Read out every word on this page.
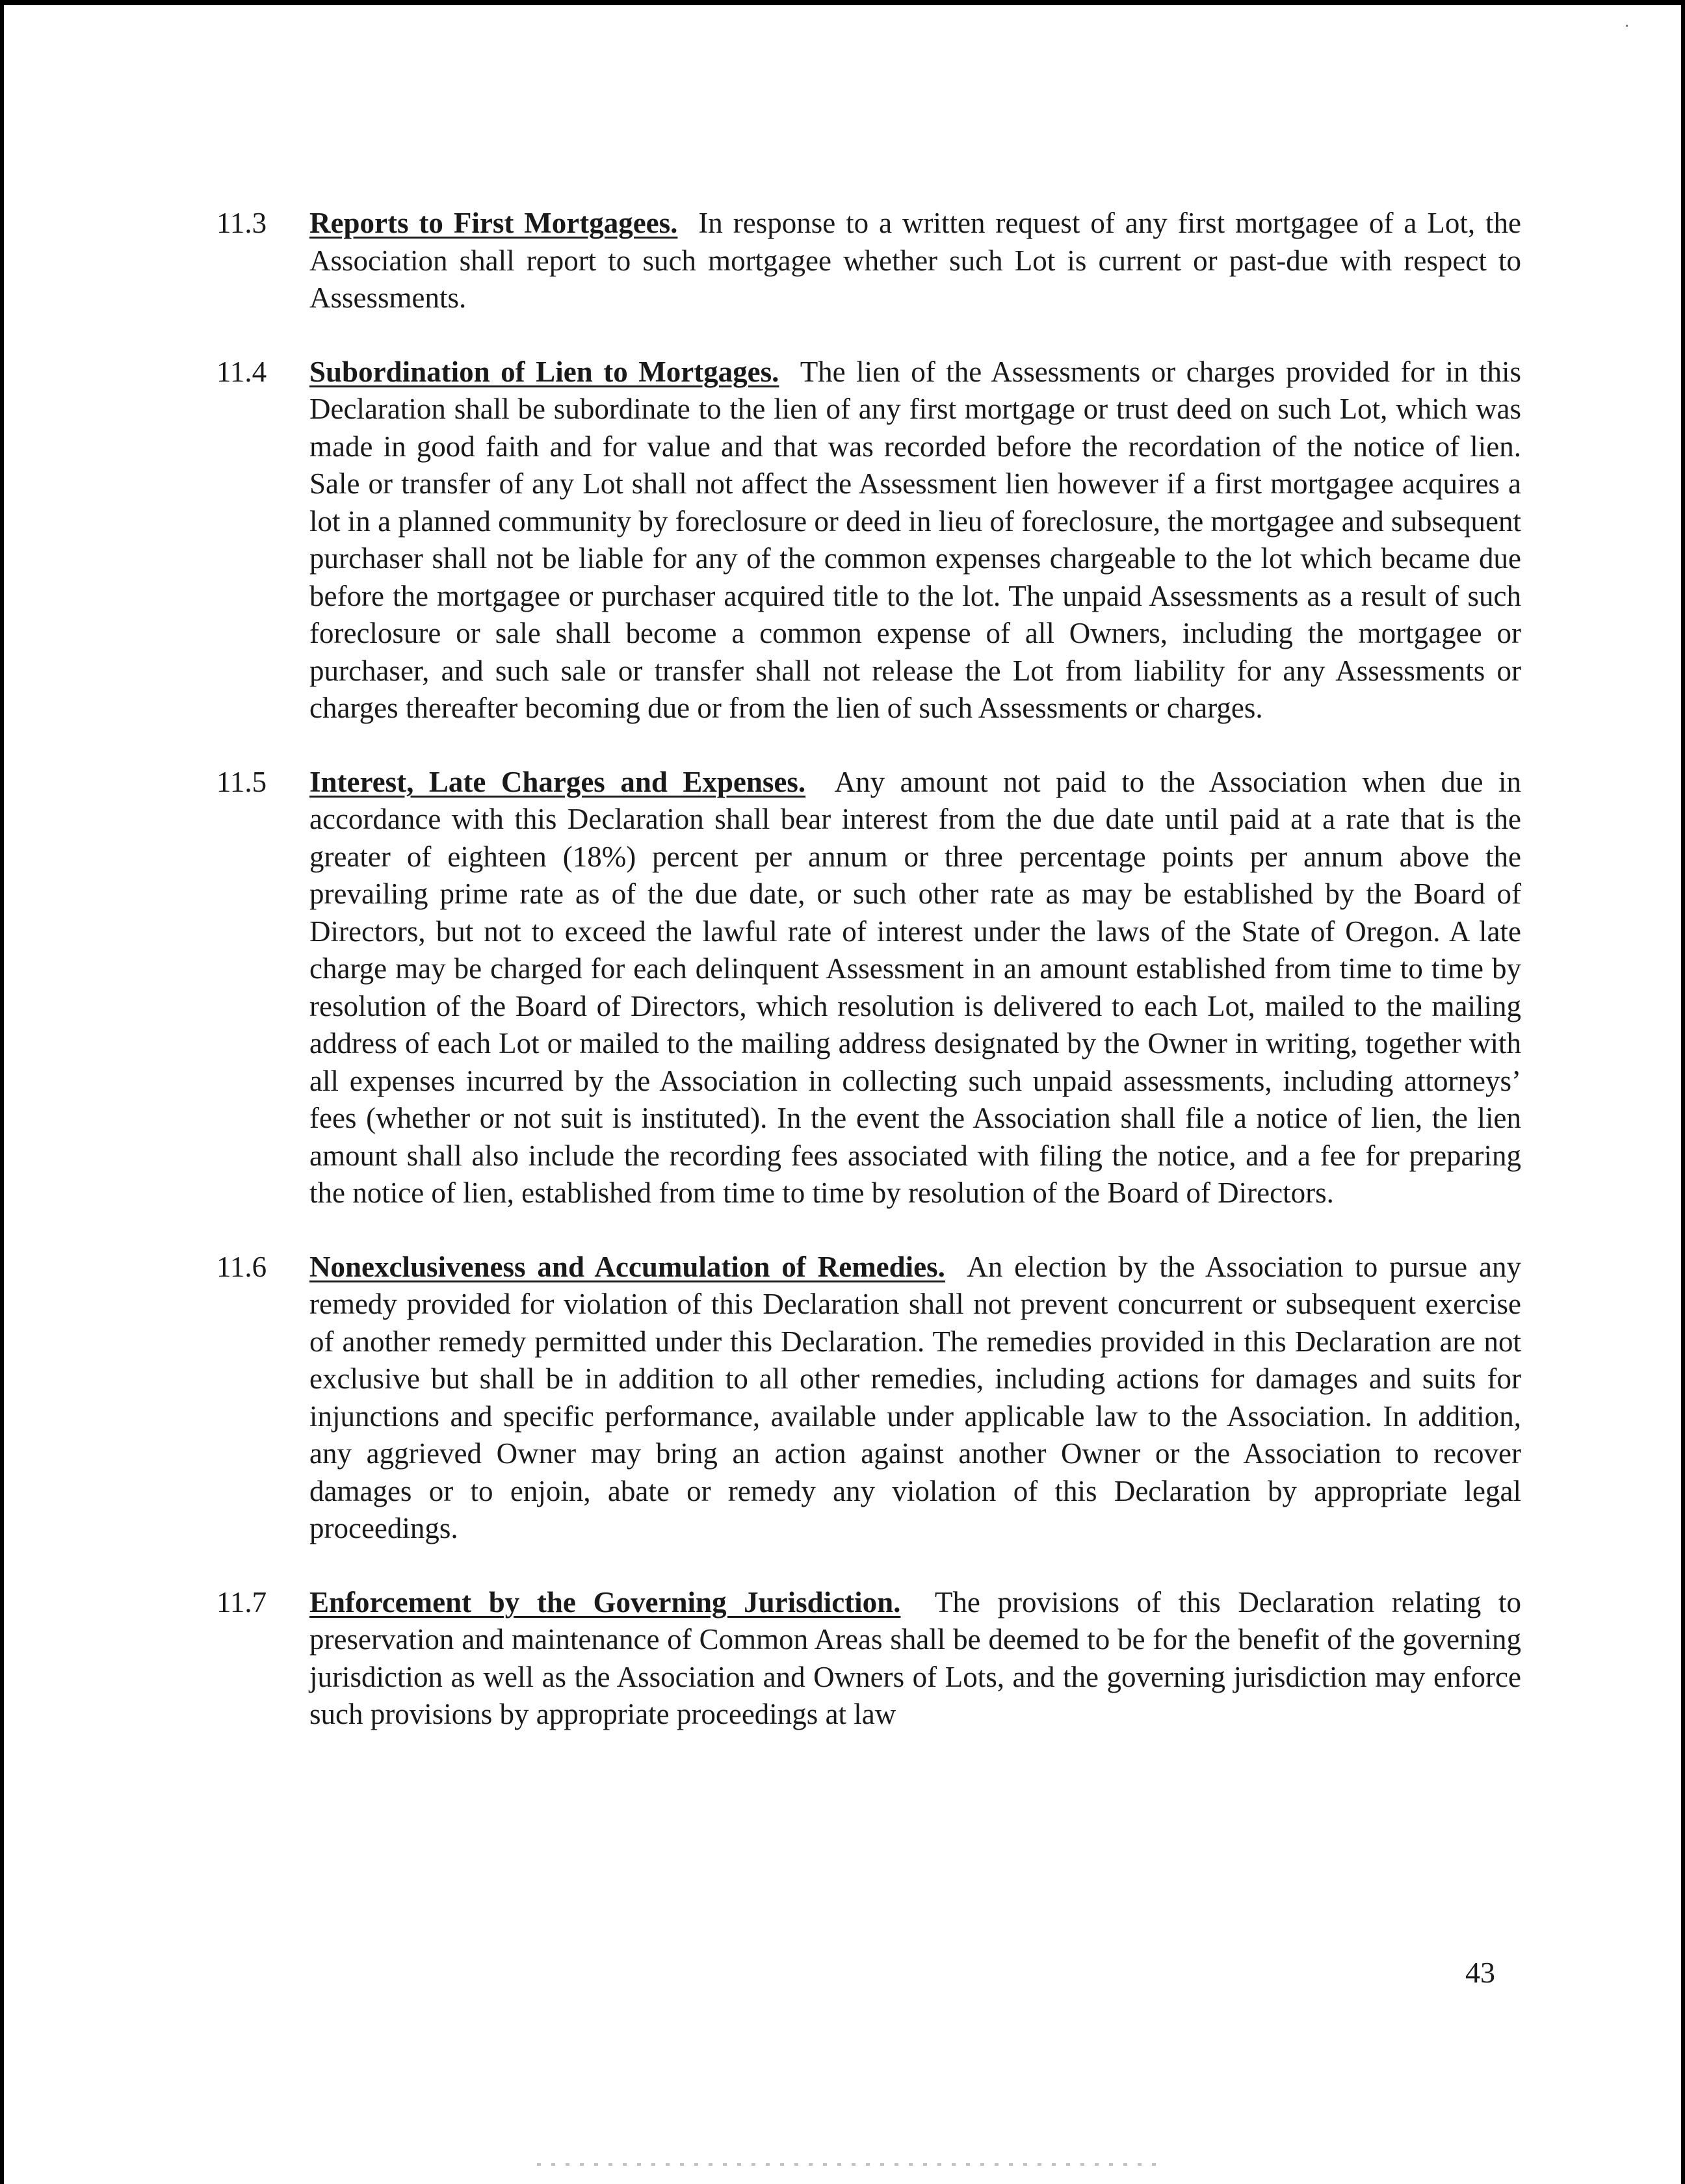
11.3	Reports to First Mortgagees. In response to a written request of any first mortgagee of a Lot, the Association shall report to such mortgagee whether such Lot is current or past-due with respect to Assessments.
11.4	Subordination of Lien to Mortgages. The lien of the Assessments or charges provided for in this Declaration shall be subordinate to the lien of any first mortgage or trust deed on such Lot, which was made in good faith and for value and that was recorded before the recordation of the notice of lien. Sale or transfer of any Lot shall not affect the Assessment lien however if a first mortgagee acquires a lot in a planned community by foreclosure or deed in lieu of foreclosure, the mortgagee and subsequent purchaser shall not be liable for any of the common expenses chargeable to the lot which became due before the mortgagee or purchaser acquired title to the lot. The unpaid Assessments as a result of such foreclosure or sale shall become a common expense of all Owners, including the mortgagee or purchaser, and such sale or transfer shall not release the Lot from liability for any Assessments or charges thereafter becoming due or from the lien of such Assessments or charges.
11.5	Interest, Late Charges and Expenses. Any amount not paid to the Association when due in accordance with this Declaration shall bear interest from the due date until paid at a rate that is the greater of eighteen (18%) percent per annum or three percentage points per annum above the prevailing prime rate as of the due date, or such other rate as may be established by the Board of Directors, but not to exceed the lawful rate of interest under the laws of the State of Oregon. A late charge may be charged for each delinquent Assessment in an amount established from time to time by resolution of the Board of Directors, which resolution is delivered to each Lot, mailed to the mailing address of each Lot or mailed to the mailing address designated by the Owner in writing, together with all expenses incurred by the Association in collecting such unpaid assessments, including attorneys’ fees (whether or not suit is instituted). In the event the Association shall file a notice of lien, the lien amount shall also include the recording fees associated with filing the notice, and a fee for preparing the notice of lien, established from time to time by resolution of the Board of Directors.
11.6	Nonexclusiveness and Accumulation of Remedies. An election by the Association to pursue any remedy provided for violation of this Declaration shall not prevent concurrent or subsequent exercise of another remedy permitted under this Declaration. The remedies provided in this Declaration are not exclusive but shall be in addition to all other remedies, including actions for damages and suits for injunctions and specific performance, available under applicable law to the Association. In addition, any aggrieved Owner may bring an action against another Owner or the Association to recover damages or to enjoin, abate or remedy any violation of this Declaration by appropriate legal proceedings.
11.7	Enforcement by the Governing Jurisdiction. The provisions of this Declaration relating to preservation and maintenance of Common Areas shall be deemed to be for the benefit of the governing jurisdiction as well as the Association and Owners of Lots, and the governing jurisdiction may enforce such provisions by appropriate proceedings at law
43
